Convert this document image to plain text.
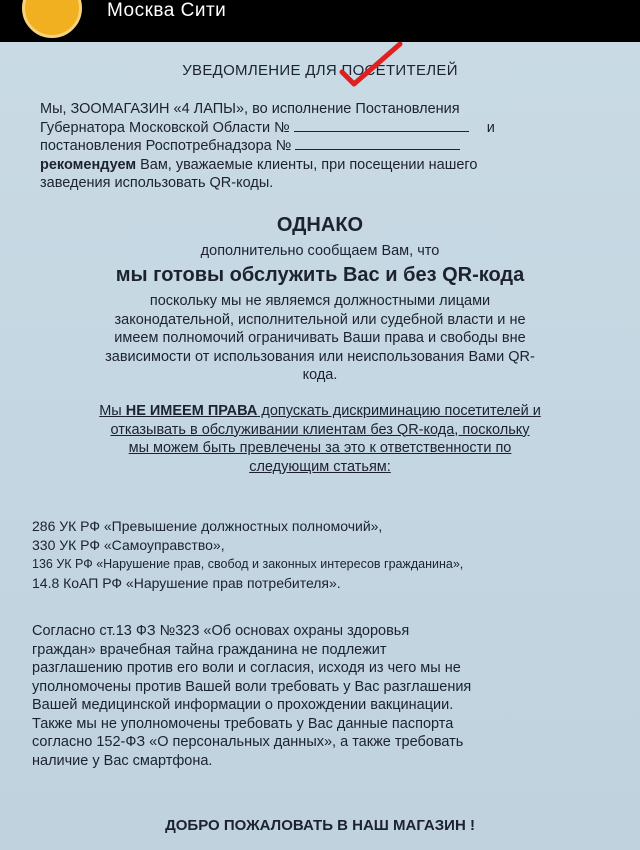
Москва Сити
УВЕДОМЛЕНИЕ ДЛЯ ПОСЕТИТЕЛЕЙ
Мы, ЗООМАГАЗИН «4 ЛАПЫ», во исполнение Постановления
Губернатора Московской Области №	и
постановления Роспотребнадзора №
рекомендуем Вам, уважаемые клиенты, при посещении нашего
заведения использовать QR-коды.
ОДНАКО
дополнительно сообщаем Вам, что
мы готовы обслужить Вас и без QR-кода
поскольку мы не являемся должностными лицами
законодательной, исполнительной или судебной власти и не
имеем полномочий ограничивать Ваши права и свободы вне
зависимости от использования или неиспользования Вами QR-
кода.
Мы НЕ ИМЕЕМ ПРАВА допускать дискриминацию посетителей и
отказывать в обслуживании клиентам без QR-кода, поскольку
мы можем быть превлечены за это к ответственности по
следующим статьям:
286 УК РФ «Превышение должностных полномочий»,
330 УК РФ «Самоуправство»,
136 УК РФ «Нарушение прав, свобод и законных интересов гражданина»,
14.8 КоАП РФ «Нарушение прав потребителя».
Согласно ст.13 ФЗ №323 «Об основах охраны здоровья
граждан» врачебная тайна гражданина не подлежит
разглашению против его воли и согласия, исходя из чего мы не
уполномочены против Вашей воли требовать у Вас разглашения
Вашей медицинской информации о прохождении вакцинации.
Также мы не уполномочены требовать у Вас данные паспорта
согласно 152-ФЗ «О персональных данных», а также требовать
наличие у Вас смартфона.
ДОБРО ПОЖАЛОВАТЬ В НАШ МАГАЗИН !
